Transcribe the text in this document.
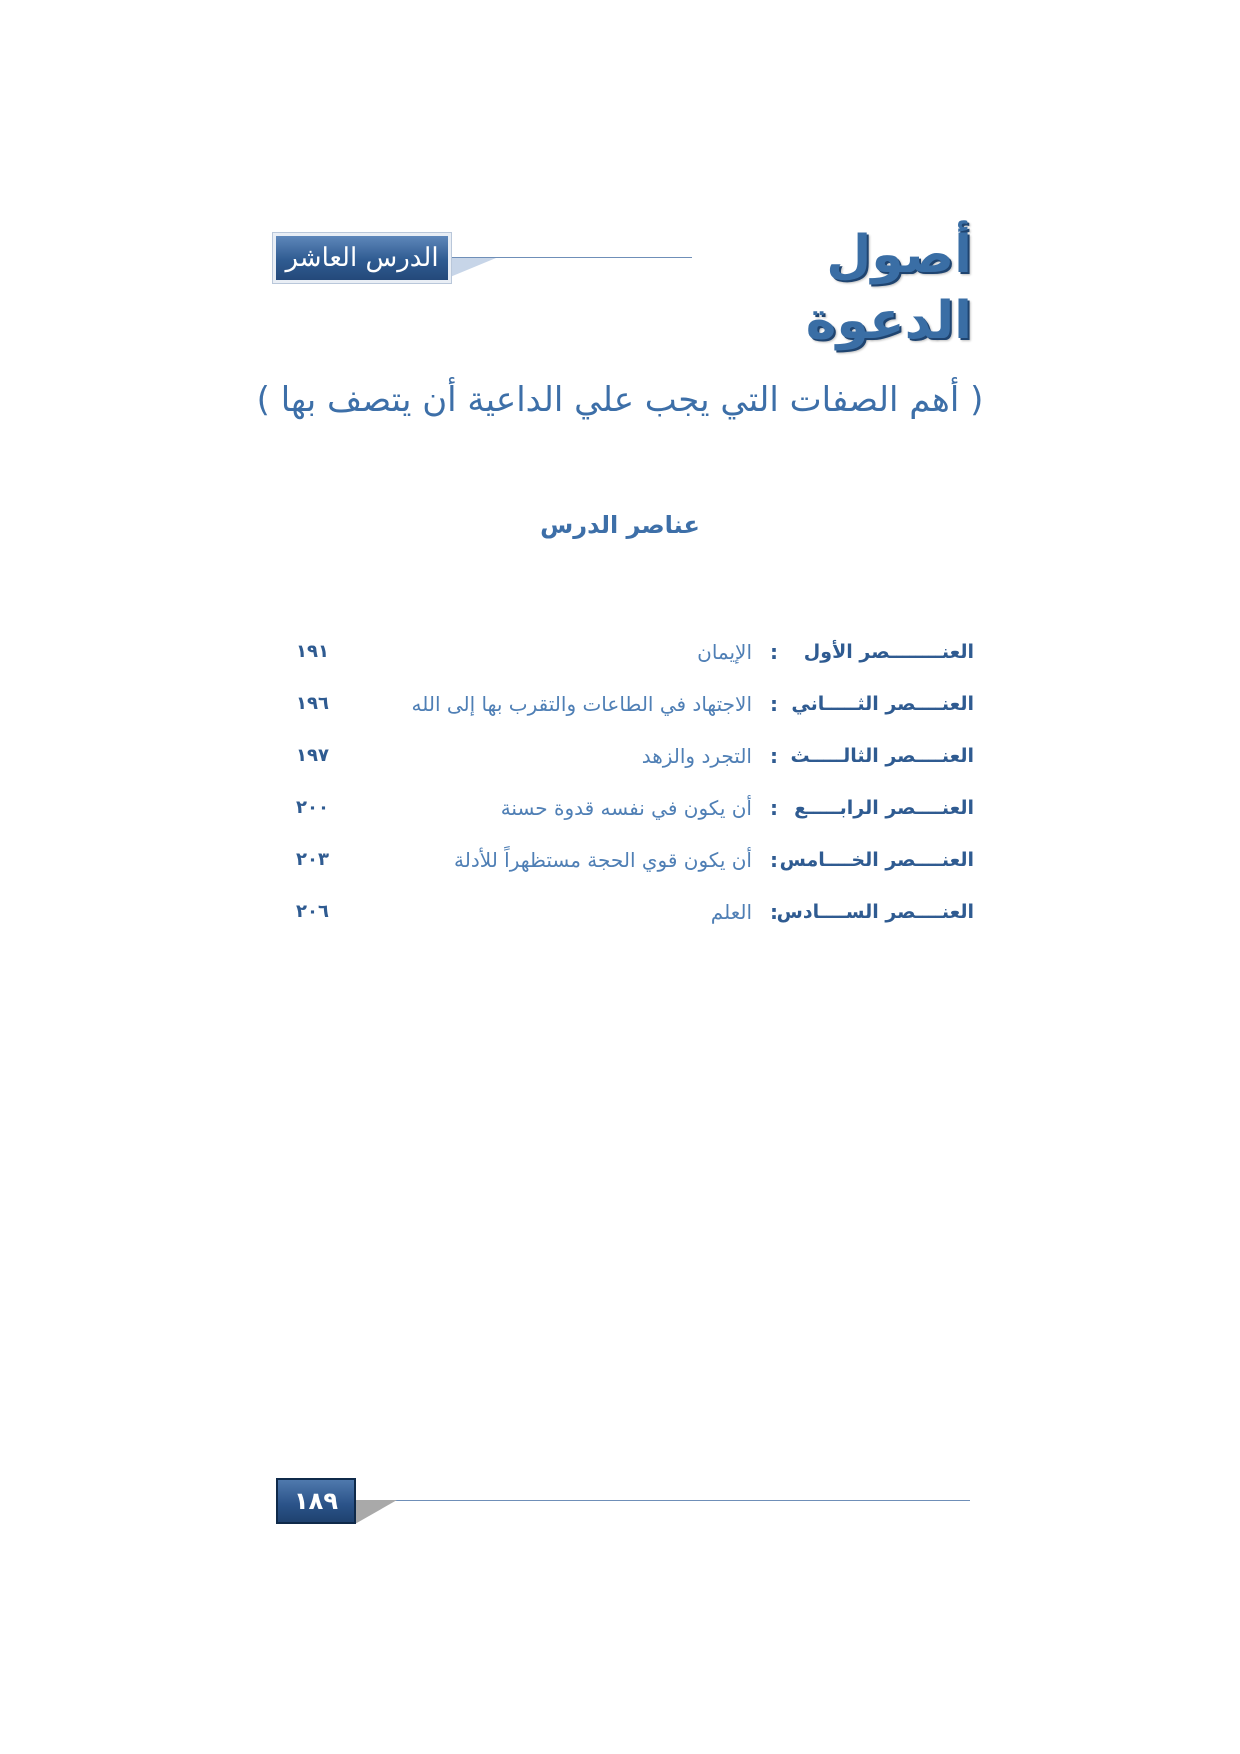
أصول الدعوة
الدرس العاشر
( أهم الصفات التي يجب علي الداعية أن يتصف بها )
عناصر الدرس
العنــــــــصر الأول
:
الإيمان
١٩١
العنــــصر الثـــــاني
:
الاجتهاد في الطاعات والتقرب بها إلى الله
١٩٦
العنــــصر الثالـــــث
:
التجرد والزهد
١٩٧
العنــــصر الرابـــــع
:
أن يكون في نفسه قدوة حسنة
٢٠٠
العنــــصر الخــــامس
:
أن يكون قوي الحجة مستظهراً للأدلة
٢٠٣
العنــــصر الســــادس
:
العلم
٢٠٦
١٨٩
